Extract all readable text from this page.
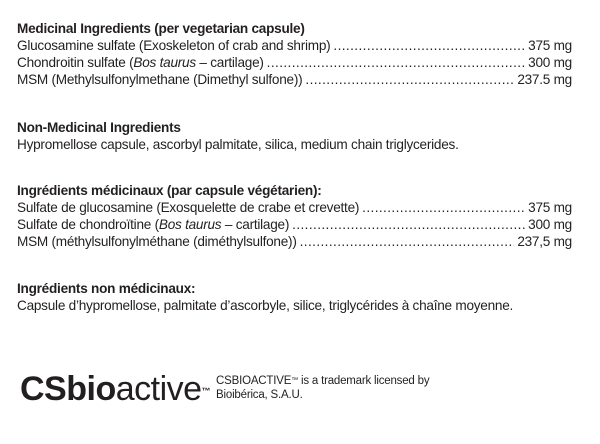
Medicinal Ingredients (per vegetarian capsule)
Glucosamine sulfate (Exoskeleton of crab and shrimp) .....	375 mg
Chondroitin sulfate (Bos taurus – cartilage) .....	300 mg
MSM (Methylsulfonylmethane (Dimethyl sulfone)) .....	237.5 mg
Non-Medicinal Ingredients
Hypromellose capsule, ascorbyl palmitate, silica, medium chain triglycerides.
Ingrédients médicinaux (par capsule végétarien):
Sulfate de glucosamine (Exosquelette de crabe et crevette) .....	375 mg
Sulfate de chondroïtine (Bos taurus – cartilage) .....	300 mg
MSM (méthylsulfonylméthane (diméthylsulfone)) .....	237,5 mg
Ingrédients non médicinaux:
Capsule d’hypromellose, palmitate d’ascorbyle, silice, triglycérides à chaîne moyenne.
CSbioactive™
CSBIOACTIVE™ is a trademark licensed by
Bioibérica, S.A.U.
